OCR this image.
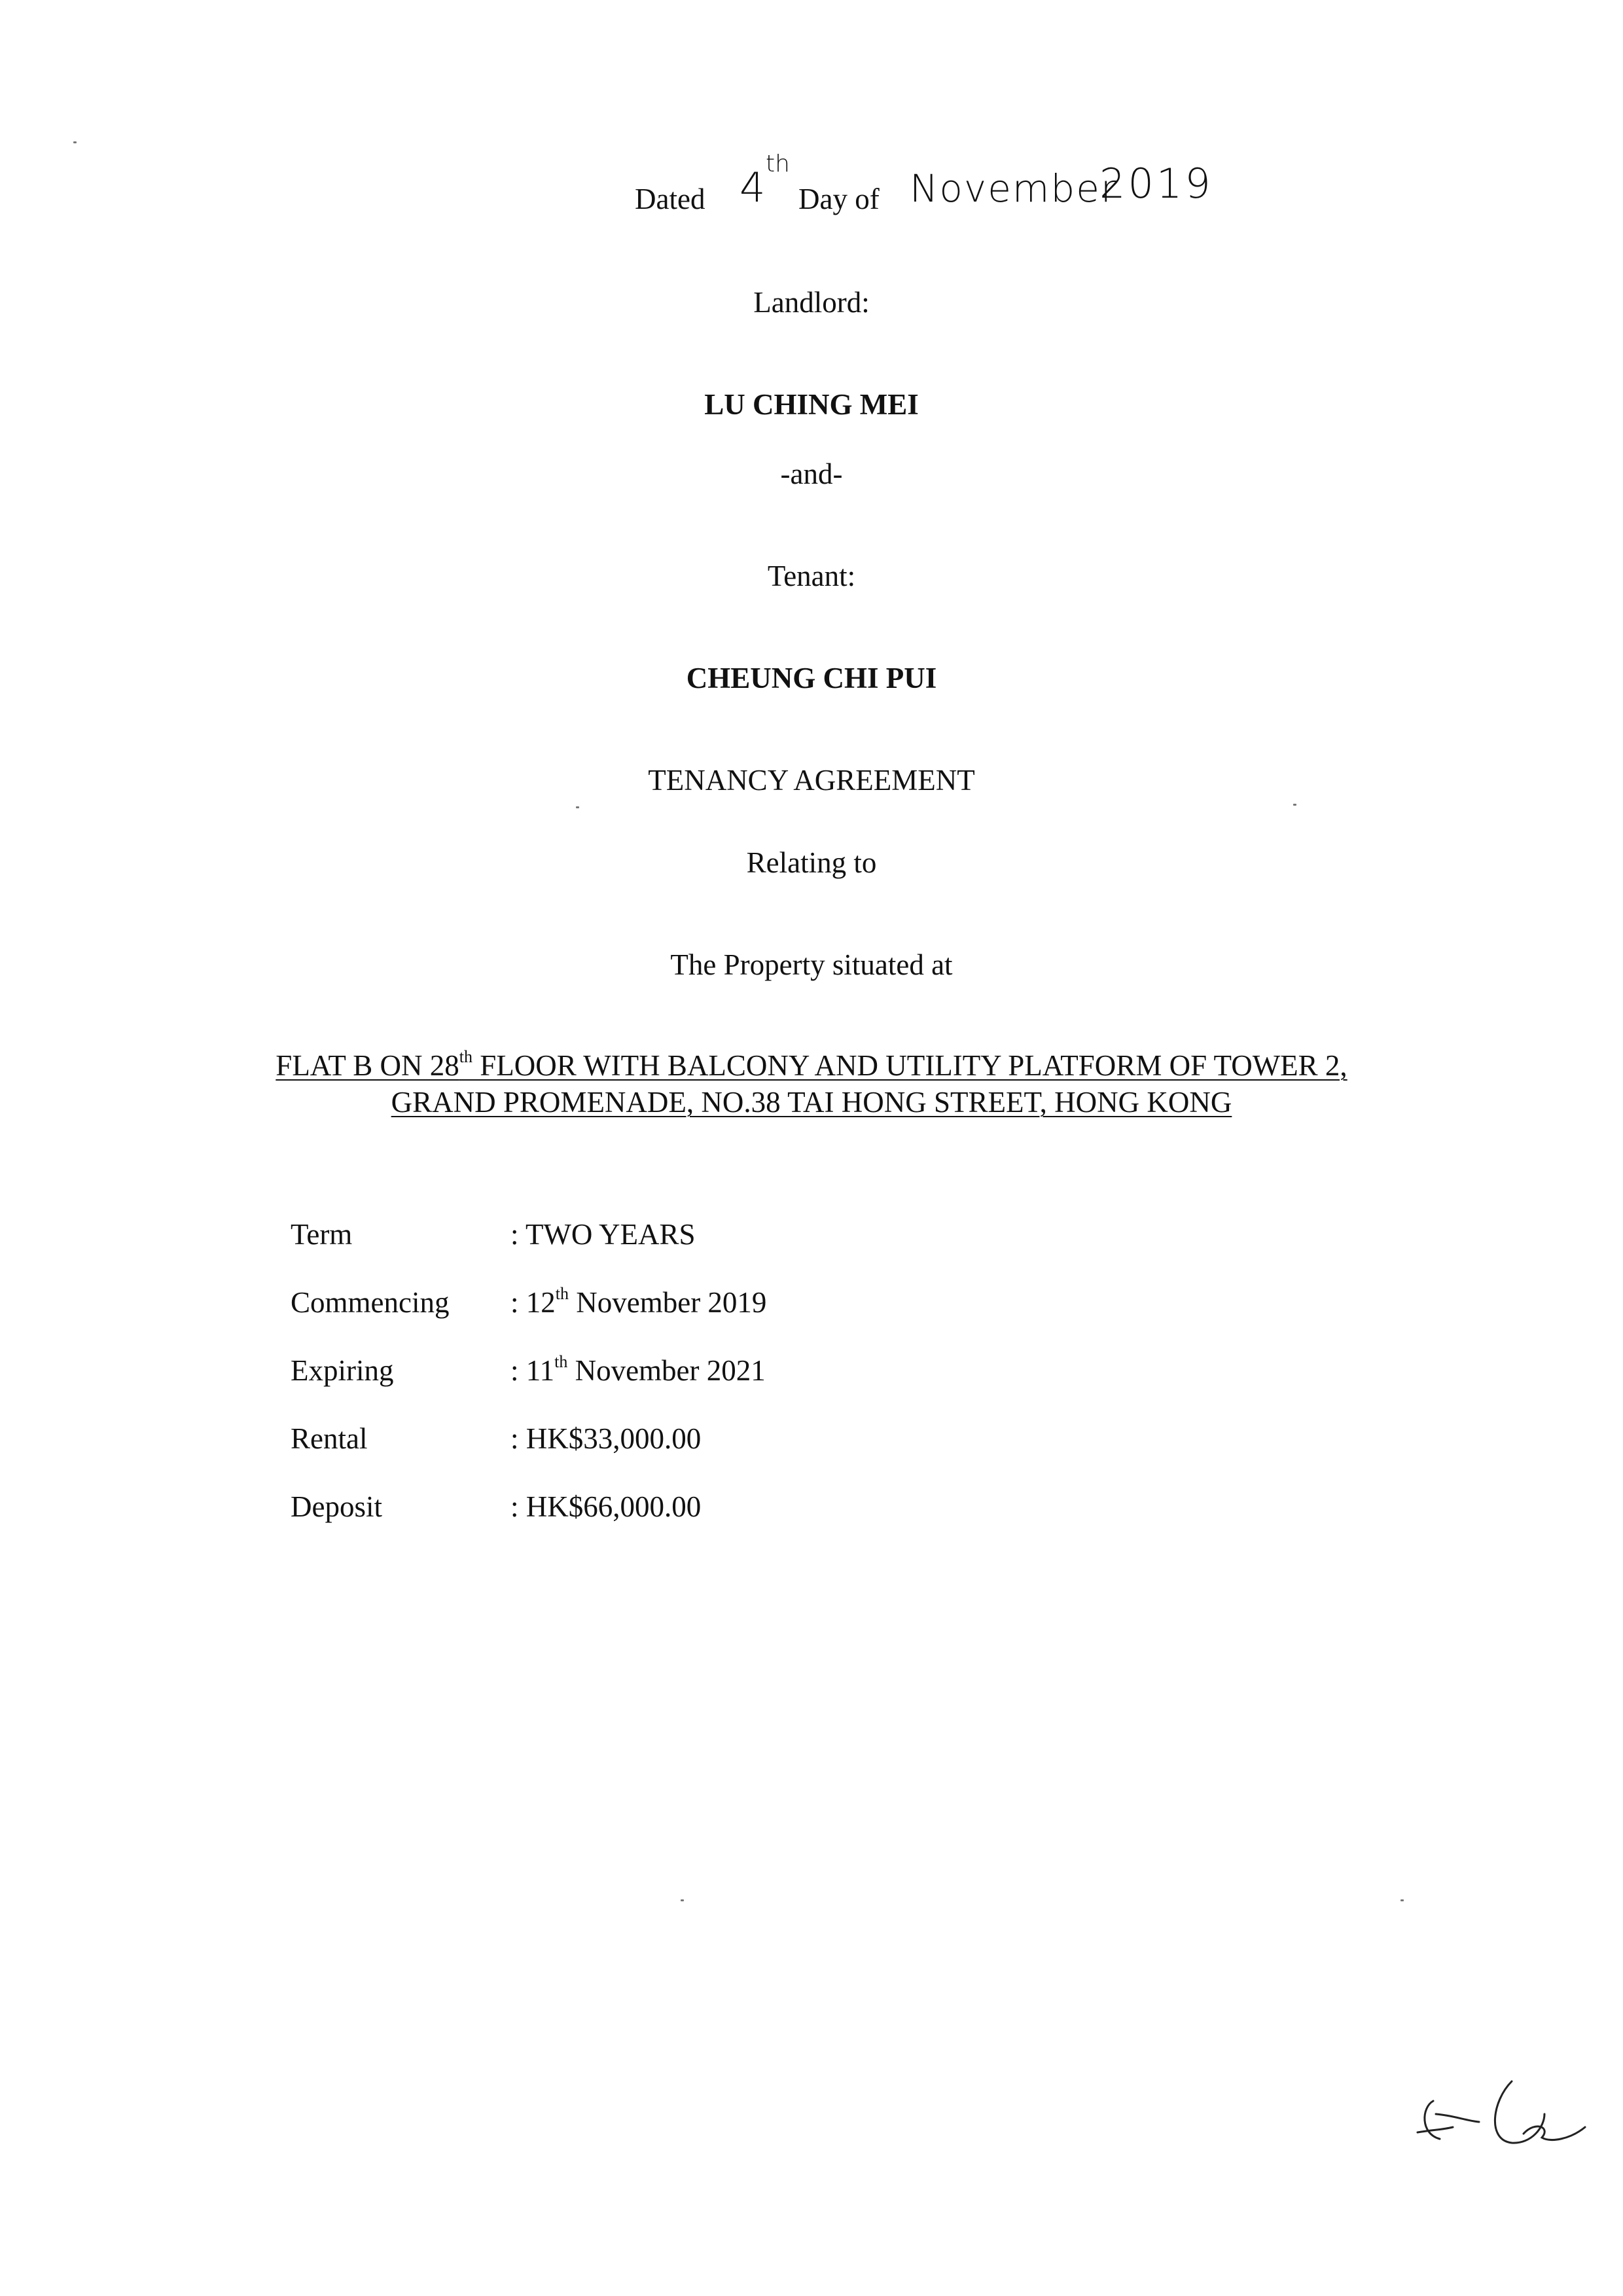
Dated 4 th
Day of November
2019
Landlord:
LU CHING MEI
-and-
Tenant:
CHEUNG CHI PUI
TENANCY AGREEMENT
Relating to
The Property situated at
FLAT B ON 28th FLOOR WITH BALCONY AND UTILITY PLATFORM OF TOWER 2,
GRAND PROMENADE, NO.38 TAI HONG STREET, HONG KONG
Term	: TWO YEARS
Commencing : 12th November 2019
Expiring	: 11th November 2021
Rental	: HK$33,000.00
Deposit	: HK$66,000.00
